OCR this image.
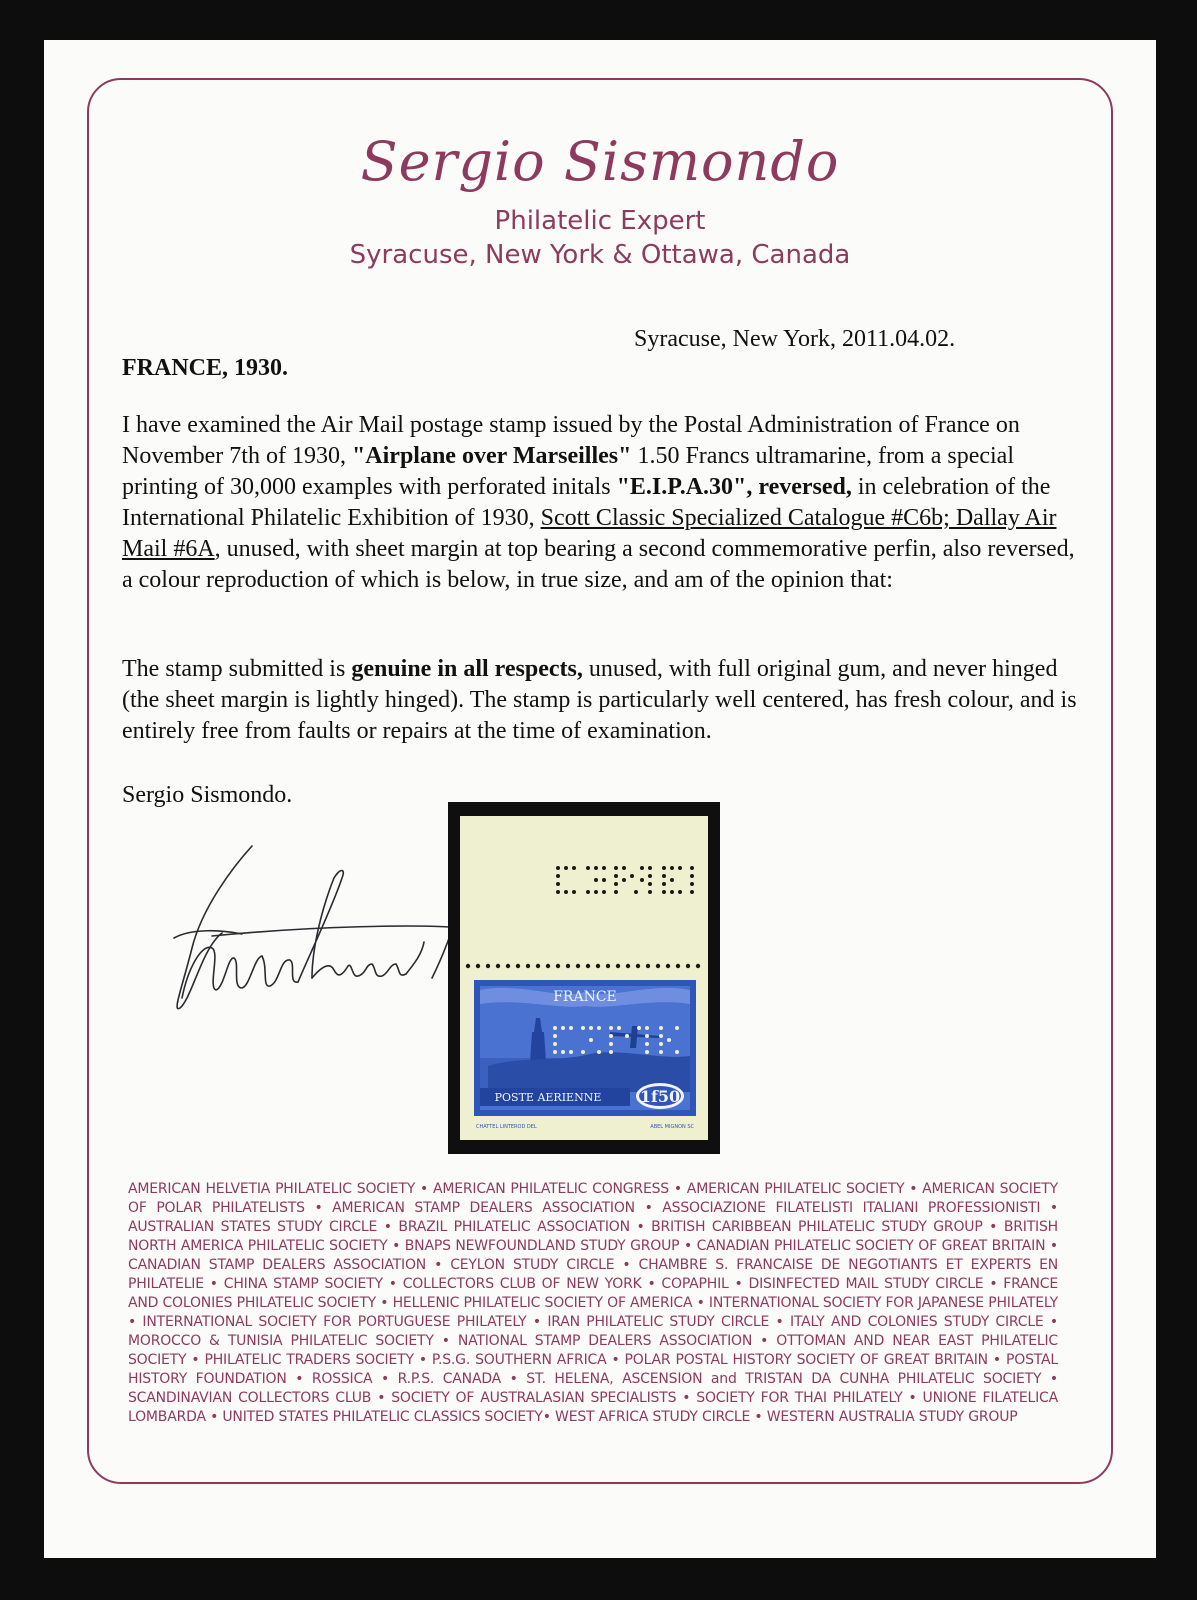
Sergio Sismondo
Philatelic Expert
Syracuse, New York & Ottawa, Canada
Syracuse, New York, 2011.04.02.
FRANCE, 1930.

I have examined the Air Mail postage stamp issued by the Postal Administration of France on November 7th of 1930, "Airplane over Marseilles" 1.50 Francs ultramarine, from a special printing of 30,000 examples with perforated initals "E.I.P.A.30", reversed, in celebration of the International Philatelic Exhibition of 1930, Scott Classic Specialized Catalogue #C6b; Dallay Air Mail #6A, unused, with sheet margin at top bearing a second commemorative perfin, also reversed, a colour reproduction of which is below, in true size, and am of the opinion that:

The stamp submitted is genuine in all respects, unused, with full original gum, and never hinged (the sheet margin is lightly hinged). The stamp is particularly well centered, has fresh colour, and is entirely free from faults or repairs at the time of examination.

Sergio Sismondo.
FRANCE
POSTE AERIENNE 1f50
CHATTEL LINTEROD DEL	ABEL MIGNON SC

AMERICAN HELVETIA PHILATELIC SOCIETY • AMERICAN PHILATELIC CONGRESS • AMERICAN PHILATELIC SOCIETY • AMERICAN SOCIETY OF POLAR PHILATELISTS • AMERICAN STAMP DEALERS ASSOCIATION • ASSOCIAZIONE FILATELISTI ITALIANI PROFESSIONISTI • AUSTRALIAN STATES STUDY CIRCLE • BRAZIL PHILATELIC ASSOCIATION • BRITISH CARIBBEAN PHILATELIC STUDY GROUP • BRITISH NORTH AMERICA PHILATELIC SOCIETY • BNAPS NEWFOUNDLAND STUDY GROUP • CANADIAN PHILATELIC SOCIETY OF GREAT BRITAIN • CANADIAN STAMP DEALERS ASSOCIATION • CEYLON STUDY CIRCLE • CHAMBRE S. FRANCAISE DE NEGOTIANTS ET EXPERTS EN PHILATELIE • CHINA STAMP SOCIETY • COLLECTORS CLUB OF NEW YORK • COPAPHIL • DISINFECTED MAIL STUDY CIRCLE • FRANCE AND COLONIES PHILATELIC SOCIETY • HELLENIC PHILATELIC SOCIETY OF AMERICA • INTERNATIONAL SOCIETY FOR JAPANESE PHILATELY • INTERNATIONAL SOCIETY FOR PORTUGUESE PHILATELY • IRAN PHILATELIC STUDY CIRCLE • ITALY AND COLONIES STUDY CIRCLE • MOROCCO & TUNISIA PHILATELIC SOCIETY • NATIONAL STAMP DEALERS ASSOCIATION • OTTOMAN AND NEAR EAST PHILATELIC SOCIETY • PHILATELIC TRADERS SOCIETY • P.S.G. SOUTHERN AFRICA • POLAR POSTAL HISTORY SOCIETY OF GREAT BRITAIN • POSTAL HISTORY FOUNDATION • ROSSICA • R.P.S. CANADA • ST. HELENA, ASCENSION and TRISTAN DA CUNHA PHILATELIC SOCIETY • SCANDINAVIAN COLLECTORS CLUB • SOCIETY OF AUSTRALASIAN SPECIALISTS • SOCIETY FOR THAI PHILATELY • UNIONE FILATELICA LOMBARDA • UNITED STATES PHILATELIC CLASSICS SOCIETY• WEST AFRICA STUDY CIRCLE • WESTERN AUSTRALIA STUDY GROUP
